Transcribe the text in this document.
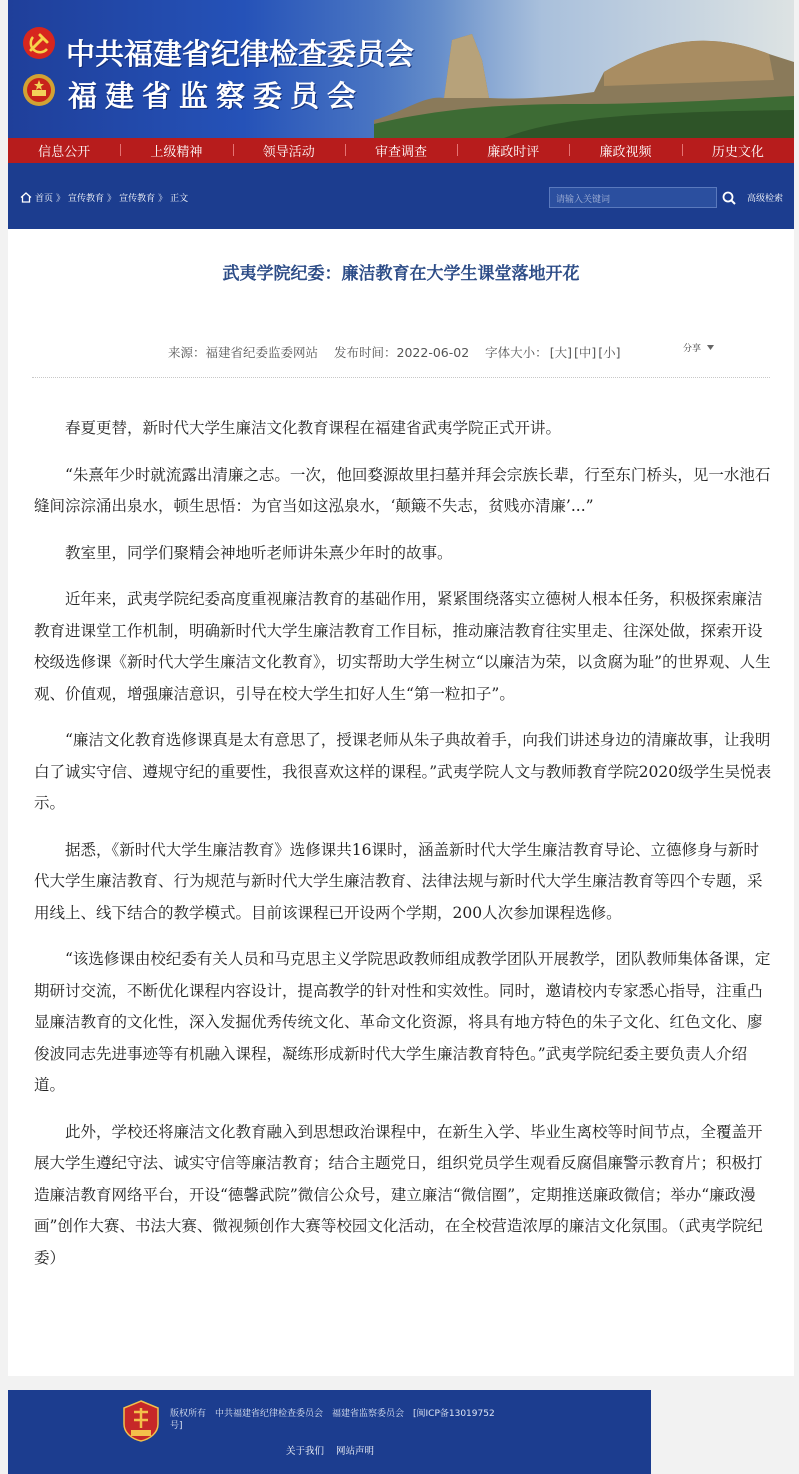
中共福建省纪律检查委员会
福建省监察委员会
信息公开	上级精神	领导活动	审查调查	廉政时评	廉政视频	历史文化
首页 》 宣传教育 》 宣传教育 》 正文	请输入关键词	高级检索
武夷学院纪委：廉洁教育在大学生课堂落地开花
来源：福建省纪委监委网站 发布时间：2022-06-02 字体大小： [大] [中] [小]	分享

春夏更替，新时代大学生廉洁文化教育课程在福建省武夷学院正式开讲。

“朱熹年少时就流露出清廉之志。一次，他回婺源故里扫墓并拜会宗族长辈，行至东门桥头，见一水池石缝间淙淙涌出泉水，顿生思悟：为官当如这泓泉水，‘颠簸不失志，贫贱亦清廉’...”

教室里，同学们聚精会神地听老师讲朱熹少年时的故事。

近年来，武夷学院纪委高度重视廉洁教育的基础作用，紧紧围绕落实立德树人根本任务，积极探索廉洁教育进课堂工作机制，明确新时代大学生廉洁教育工作目标，推动廉洁教育往实里走、往深处做，探索开设校级选修课《新时代大学生廉洁文化教育》，切实帮助大学生树立“以廉洁为荣，以贪腐为耻”的世界观、人生观、价值观，增强廉洁意识，引导在校大学生扣好人生“第一粒扣子”。

“廉洁文化教育选修课真是太有意思了，授课老师从朱子典故着手，向我们讲述身边的清廉故事，让我明白了诚实守信、遵规守纪的重要性，我很喜欢这样的课程。”武夷学院人文与教师教育学院2020级学生吴悦表示。

据悉，《新时代大学生廉洁教育》选修课共16课时，涵盖新时代大学生廉洁教育导论、立德修身与新时代大学生廉洁教育、行为规范与新时代大学生廉洁教育、法律法规与新时代大学生廉洁教育等四个专题，采用线上、线下结合的教学模式。目前该课程已开设两个学期，200人次参加课程选修。

“该选修课由校纪委有关人员和马克思主义学院思政教师组成教学团队开展教学，团队教师集体备课，定期研讨交流，不断优化课程内容设计，提高教学的针对性和实效性。同时，邀请校内专家悉心指导，注重凸显廉洁教育的文化性，深入发掘优秀传统文化、革命文化资源，将具有地方特色的朱子文化、红色文化、廖俊波同志先进事迹等有机融入课程，凝练形成新时代大学生廉洁教育特色。”武夷学院纪委主要负责人介绍道。

此外，学校还将廉洁文化教育融入到思想政治课程中，在新生入学、毕业生离校等时间节点，全覆盖开展大学生遵纪守法、诚实守信等廉洁教育；结合主题党日，组织党员学生观看反腐倡廉警示教育片；积极打造廉洁教育网络平台，开设“德馨武院”微信公众号，建立廉洁“微信圈”，定期推送廉政微信；举办“廉政漫画”创作大赛、书法大赛、微视频创作大赛等校园文化活动，在全校营造浓厚的廉洁文化氛围。（武夷学院纪委）

版权所有　中共福建省纪律检查委员会　福建省监察委员会　[闽ICP备13019752号]
关于我们 网站声明
